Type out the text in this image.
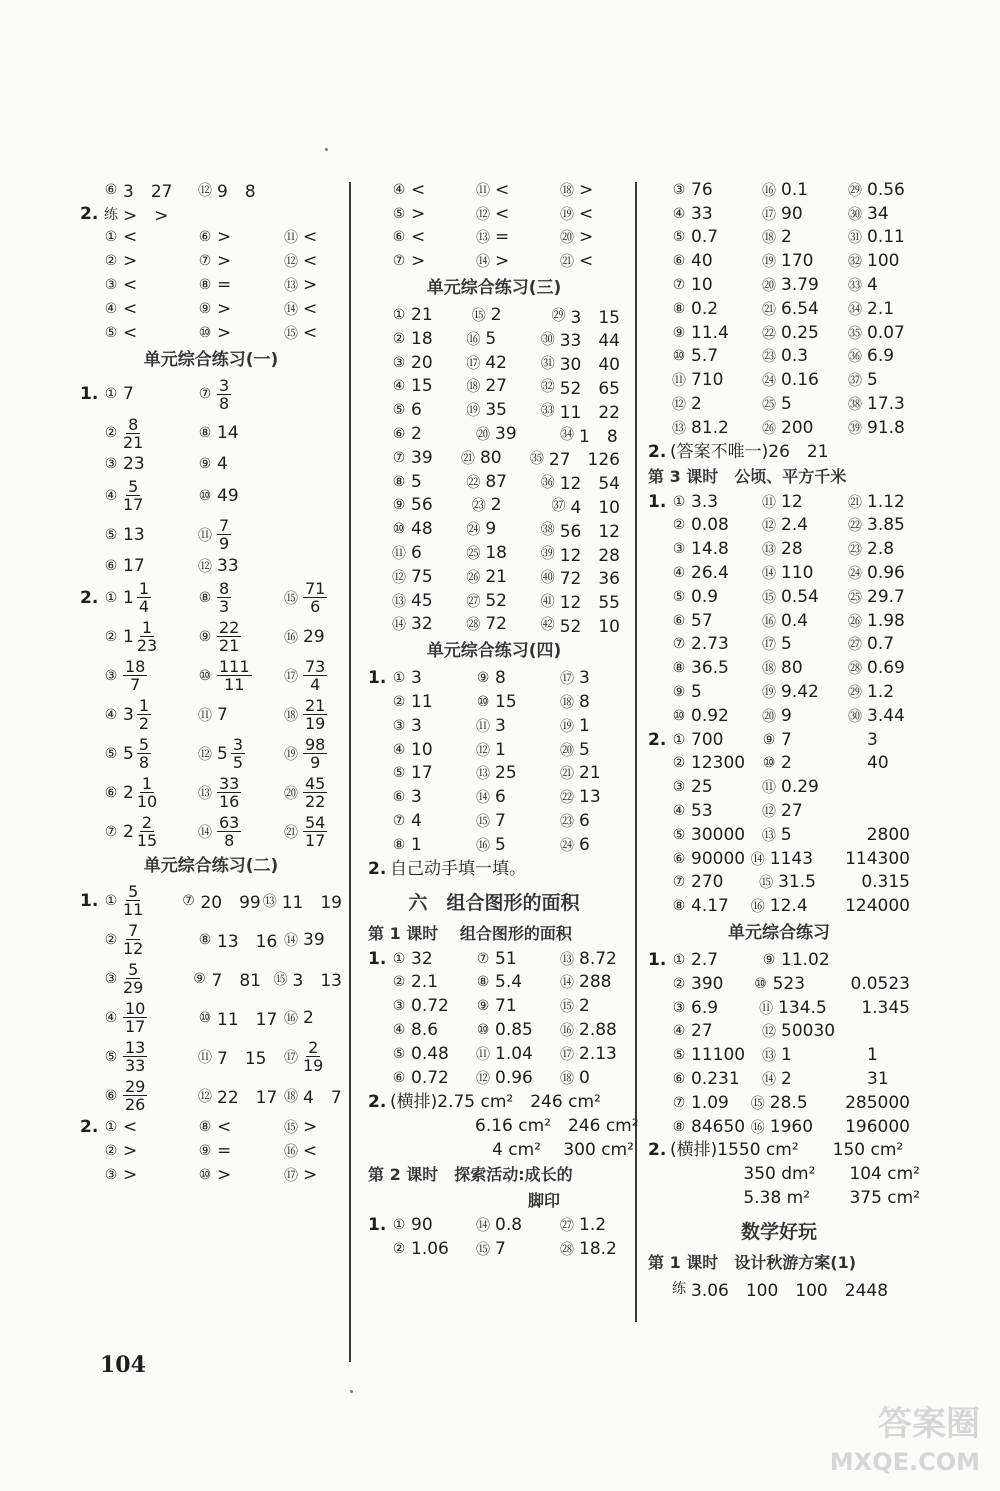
⑥ 3　27 ⑫ 9　8
2. 练 >　>
① <	⑥ >	⑪ <
② >	⑦ >	⑫ <
③ <	⑧ =	⑬ >
④ <	⑨ >	⑭ <
⑤ <	⑩ >	⑮ <
单元综合练习(一)
1. ① 7	⑦ $\frac{3}{8}$
② $\frac{8}{21}$	⑧ 14
③ 23	⑨ 4
④ $\frac{5}{17}$	⑩ 49
⑤ 13	⑪ $\frac{7}{9}$
⑥ 17	⑫ 33
2. ① $1 \frac{1}{4}$	⑧ $\frac{8}{3}$	⑮ $\frac{71}{6}$
② $1 \frac{1}{23}$	⑨ $\frac{22}{21}$	⑯ 29
③ $\frac{18}{7}$	⑩ $\frac{111}{11}$ ⑰ $\frac{73}{4}$
④ $3 \frac{1}{2}$	⑪ 7	⑱ $\frac{21}{19}$
⑤ $5 \frac{5}{8}$	⑫ $5 \frac{3}{5}$	⑲ $\frac{98}{9}$
⑥ $2 \frac{1}{10}$	⑬ $\frac{33}{16}$	⑳ $\frac{45}{22}$
⑦ $2 \frac{2}{15}$	⑭ $\frac{63}{8}$	㉑ $\frac{54}{17}$
单元综合练习(二)
1. ① $\frac{5}{11}$	⑦ 20　99 ⑬ 11　19
② $\frac{7}{12}$	⑧ 13　16 ⑭ 39
③ $\frac{5}{29}$	⑨ 7　81 ⑮ 3　13
④ $\frac{10}{17}$	⑩ 11　17 ⑯ 2
⑤ $\frac{13}{33}$	⑪ 7　15 ⑰ $\frac{2}{19}$
⑥ $\frac{29}{26}$	⑫ 22　17 ⑱ 4　7
2. ① <	⑧ <	⑮ >
② >	⑨ =	⑯ <
③ >	⑩ >	⑰ >
④ <	⑪ <	⑱ >
⑤ >	⑫ <	⑲ <
⑥ <	⑬ =	⑳ >
⑦ >	⑭ >	㉑ <
单元综合练习(三)
① 21	⑮ 2	㉙ 3　15
② 18 ⑯ 5	㉚ 33　44
③ 20 ⑰ 42 ㉛ 30　40
④ 15 ⑱ 27 ㉜ 52　65
⑤ 6	⑲ 35 ㉝ 11　22
⑥ 2	⑳ 39	㉞ 1　8
⑦ 39 ㉑ 80 ㉟ 27　126
⑧ 5	㉒ 87 ㊱ 12　54
⑨ 56	㉓ 2	㊲ 4　10
⑩ 48 ㉔ 9	㊳ 56　12
⑪ 6	㉕ 18 ㊴ 12　28
⑫ 75 ㉖ 21 ㊵ 72　36
⑬ 45 ㉗ 52 ㊶ 12　55
⑭ 32 ㉘ 72 ㊷ 52　10
单元综合练习(四)
1. ① 3	⑨ 8	⑰ 3
② 11	⑩ 15	⑱ 8
③ 3	⑪ 3	⑲ 1
④ 10	⑫ 1	⑳ 5
⑤ 17	⑬ 25	㉑ 21
⑥ 3	⑭ 6	㉒ 13
⑦ 4	⑮ 7	㉓ 6
⑧ 1	⑯ 5	㉔ 6
2. 自己动手填一填。
六　组合图形的面积
第 1 课时　 组合图形的面积
1. ① 32	⑦ 51	⑬ 8.72
② 2.1	⑧ 5.4	⑭ 288
③ 0.72 ⑨ 71	⑮ 2
④ 8.6	⑩ 0.85 ⑯ 2.88
⑤ 0.48 ⑪ 1.04 ⑰ 2.13
⑥ 0.72 ⑫ 0.96 ⑱ 0
2. (横排)2.75 cm²　246 cm²
　　　　　6.16 cm²　246 cm²
　　　　　　4 cm²　 300 cm²
第 2 课时　探索活动:成长的
　　　　　　　　　　脚印
1. ① 90	⑭ 0.8	㉗ 1.2
② 1.06 ⑮ 7	㉘ 18.2
③ 76	⑯ 0.1	㉙ 0.56
④ 33	⑰ 90	㉚ 34
⑤ 0.7	⑱ 2	㉛ 0.11
⑥ 40	⑲ 170 ㉜ 100
⑦ 10	⑳ 3.79 ㉝ 4
⑧ 0.2	㉑ 6.54 ㉞ 2.1
⑨ 11.4 ㉒ 0.25 ㉟ 0.07
⑩ 5.7	㉓ 0.3	㊱ 6.9
⑪ 710	㉔ 0.16 ㊲ 5
⑫ 2	㉕ 5	㊳ 17.3
⑬ 81.2 ㉖ 200 ㊴ 91.8
2. (答案不唯一)26　21
第 3 课时　公顷、平方千米
1. ① 3.3	⑪ 12	㉑ 1.12
② 0.08 ⑫ 2.4	㉒ 3.85
③ 14.8 ⑬ 28	㉓ 2.8
④ 26.4 ⑭ 110 ㉔ 0.96
⑤ 0.9	⑮ 0.54 ㉕ 29.7
⑥ 57	⑯ 0.4	㉖ 1.98
⑦ 2.73 ⑰ 5	㉗ 0.7
⑧ 36.5 ⑱ 80	㉘ 0.69
⑨ 5	⑲ 9.42 ㉙ 1.2
⑩ 0.92 ⑳ 9	㉚ 3.44
2. ① 700	⑨ 7	3
② 12300 ⑩ 2	40
③ 25	⑪ 0.29
④ 53	⑫ 27
⑤ 30000 ⑬ 5	2800
⑥ 90000 ⑭ 1143 114300
⑦ 270	⑮ 31.5	0.315
⑧ 4.17 ⑯ 12.4 124000
单元综合练习
1. ① 2.7	⑨ 11.02
② 390 ⑩ 523	0.0523
③ 6.9	⑪ 134.5 1.345
④ 27	⑫ 50030
⑤ 11100 ⑬ 1	1
⑥ 0.231 ⑭ 2	31
⑦ 1.09 ⑮ 28.5 285000
⑧ 84650 ⑯ 1960 196000
2. (横排)1550 cm²　　150 cm²
　　　　 350 dm²　　104 cm²
　　　　 5.38 m²　　 375 cm²
数学好玩
第 1 课时　设计秋游方案(1)
练 3.06　100　100　2448
104
答案圈
MXQE.COM
